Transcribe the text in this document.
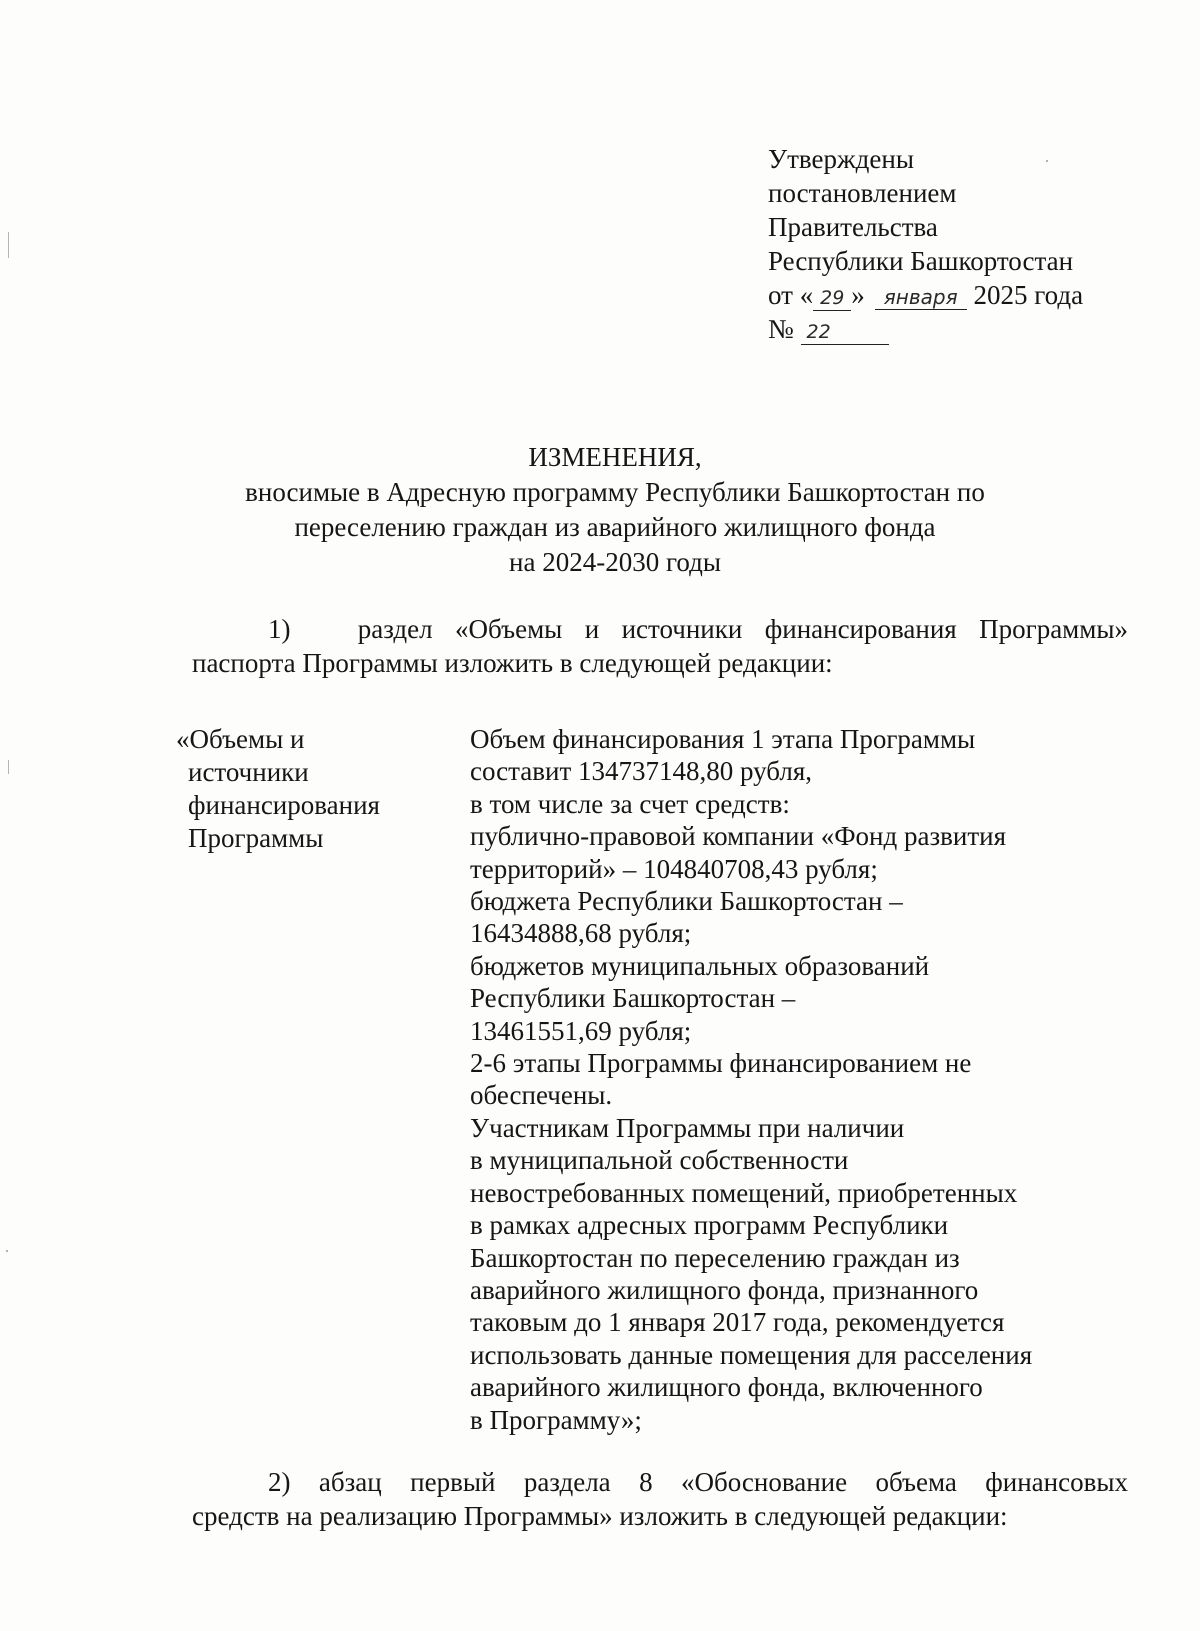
Утверждены
постановлением
Правительства
Республики Башкортостан
от « 29 » января 2025 года
№ 22
ИЗМЕНЕНИЯ,
вносимые в Адресную программу Республики Башкортостан по
переселению граждан из аварийного жилищного фонда
на 2024-2030 годы
1)   раздел «Объемы и источники финансирования Программы»
паспорта Программы изложить в следующей редакции:
«Объемы и
источники
финансирования
Программы
Объем финансирования 1 этапа Программы
составит 134737148,80 рубля,
в том числе за счет средств:
публично-правовой компании «Фонд развития
территорий» – 104840708,43 рубля;
бюджета Республики Башкортостан –
16434888,68 рубля;
бюджетов муниципальных образований
Республики Башкортостан –
13461551,69 рубля;
2-6 этапы Программы финансированием не
обеспечены.
Участникам Программы при наличии
в муниципальной собственности
невостребованных помещений, приобретенных
в рамках адресных программ Республики
Башкортостан по переселению граждан из
аварийного жилищного фонда, признанного
таковым до 1 января 2017 года, рекомендуется
использовать данные помещения для расселения
аварийного жилищного фонда, включенного
в Программу»;
2) абзац первый раздела 8 «Обоснование объема финансовых
средств на реализацию Программы» изложить в следующей редакции:
